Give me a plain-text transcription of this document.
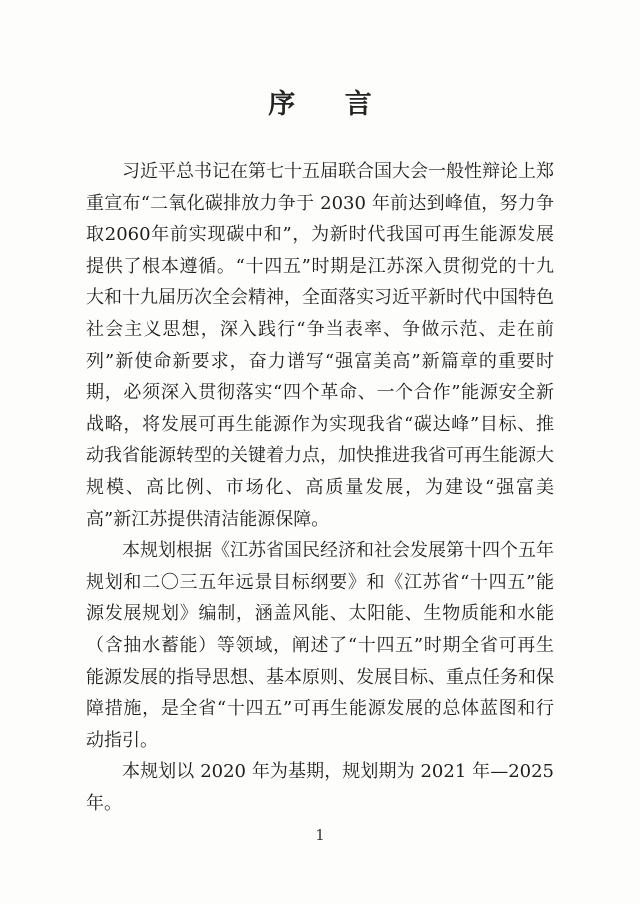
序 言

习近平总书记在第七十五届联合国大会一般性辩论上郑重宣布“二氧化碳排放力争于 2030 年前达到峰值，努力争取2060年前实现碳中和”，为新时代我国可再生能源发展提供了根本遵循。“十四五”时期是江苏深入贯彻党的十九大和十九届历次全会精神，全面落实习近平新时代中国特色社会主义思想，深入践行“争当表率、争做示范、走在前列”新使命新要求，奋力谱写“强富美高”新篇章的重要时期，必须深入贯彻落实“四个革命、一个合作”能源安全新战略，将发展可再生能源作为实现我省“碳达峰”目标、推动我省能源转型的关键着力点，加快推进我省可再生能源大规模、高比例、市场化、高质量发展，为建设“强富美高”新江苏提供清洁能源保障。

本规划根据《江苏省国民经济和社会发展第十四个五年规划和二〇三五年远景目标纲要》和《江苏省“十四五”能源发展规划》编制，涵盖风能、太阳能、生物质能和水能（含抽水蓄能）等领域，阐述了“十四五”时期全省可再生能源发展的指导思想、基本原则、发展目标、重点任务和保障措施，是全省“十四五”可再生能源发展的总体蓝图和行动指引。

本规划以 2020 年为基期，规划期为 2021 年—2025 年。

1
